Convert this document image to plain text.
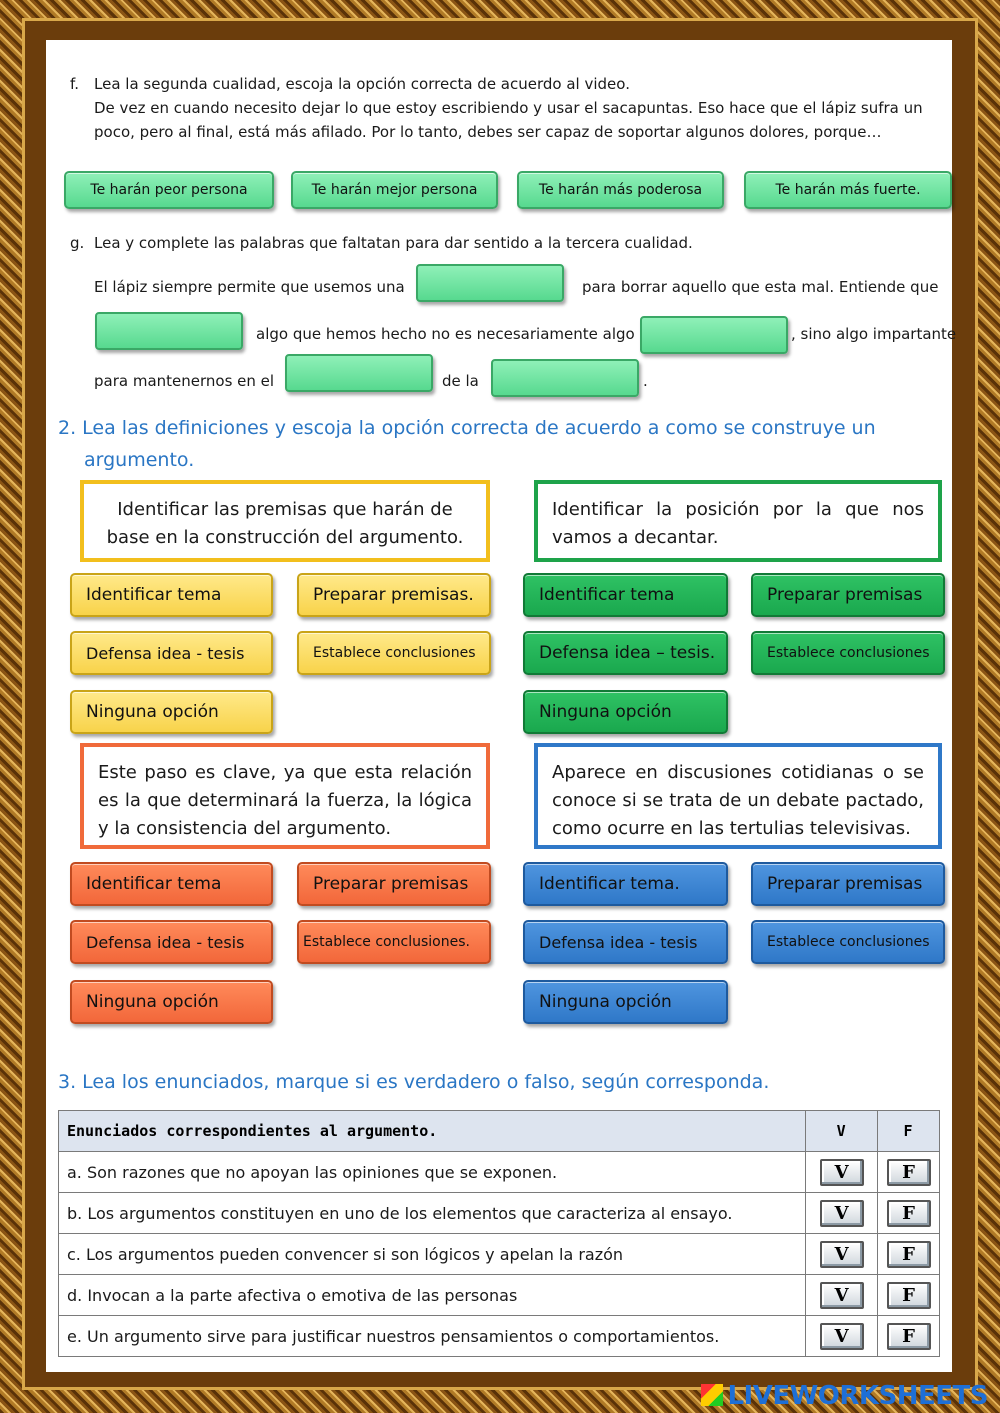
f. Lea la segunda cualidad, escoja la opción correcta de acuerdo al video.
De vez en cuando necesito dejar lo que estoy escribiendo y usar el sacapuntas. Eso hace que el lápiz sufra un
poco, pero al final, está más afilado. Por lo tanto, debes ser capaz de soportar algunos dolores, porque…
Te harán peor persona	Te harán mejor persona	Te harán más poderosa	Te harán más fuerte.
g. Lea y complete las palabras que faltatan para dar sentido a la tercera cualidad.
El lápiz siempre permite que usemos una	para borrar aquello que esta mal. Entiende que
algo que hemos hecho no es necesariamente algo	, sino algo impartante
para mantenernos en el	de la	.
2. Lea las definiciones y escoja la opción correcta de acuerdo a como se construye un
argumento.
Identificar las premisas que harán de base en la construcción del argumento.
Identificar la posición por la que nos vamos a decantar.
Identificar tema	Preparar premisas.
Defensa idea - tesis	Establece conclusiones
Ninguna opción
Identificar tema	Preparar premisas
Defensa idea – tesis.	Establece conclusiones
Ninguna opción
Este paso es clave, ya que esta relación es la que determinará la fuerza, la lógica y la consistencia del argumento.
Aparece en discusiones cotidianas o se conoce si se trata de un debate pactado, como ocurre en las tertulias televisivas.
Identificar tema	Preparar premisas
Defensa idea - tesis	Establece conclusiones.
Ninguna opción
Identificar tema.	Preparar premisas
Defensa idea - tesis	Establece conclusiones
Ninguna opción
3. Lea los enunciados, marque si es verdadero o falso, según corresponda.
Enunciados correspondientes al argumento.	V	F
a. Son razones que no apoyan las opiniones que se exponen.	V	F
b. Los argumentos constituyen en uno de los elementos que caracteriza al ensayo.	V	F
c. Los argumentos pueden convencer si son lógicos y apelan la razón	V	F
d. Invocan a la parte afectiva o emotiva de las personas	V	F
e. Un argumento sirve para justificar nuestros pensamientos o comportamientos.	V	F
LIVEWORKSHEETS
